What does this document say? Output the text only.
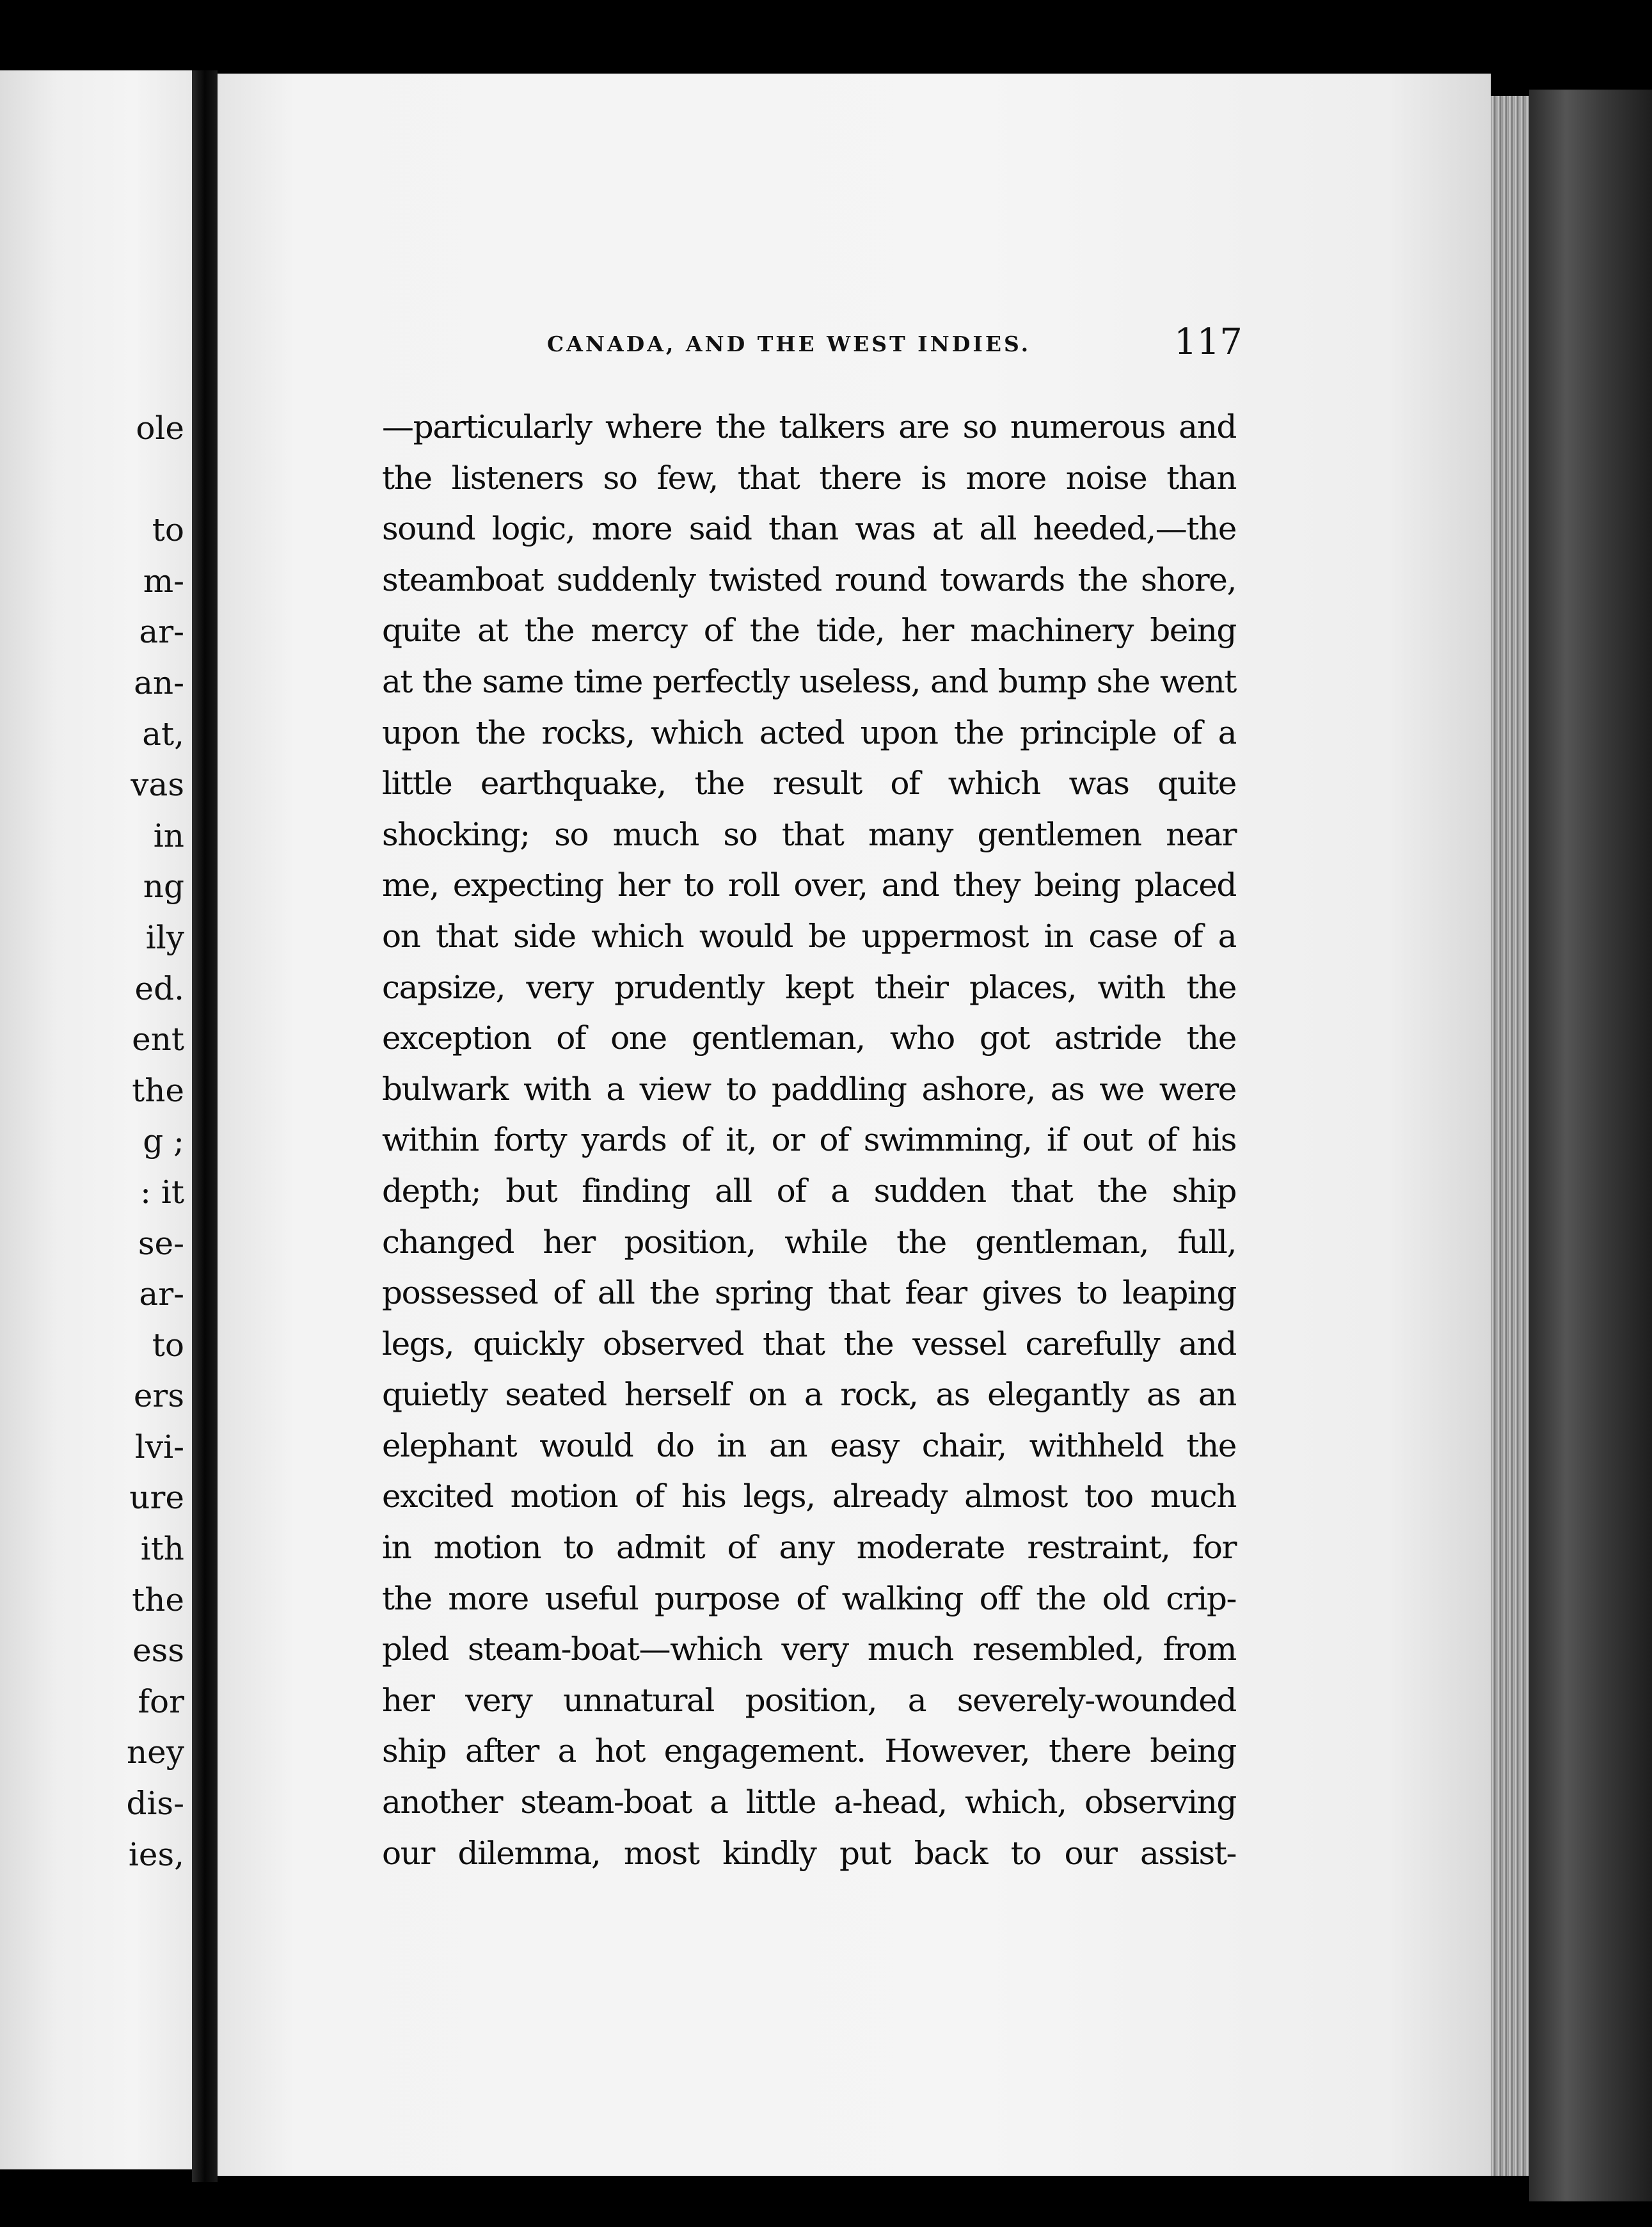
ole
to
m-
ar-
an-
at,
vas
in
ng
ily
ed.
ent
the
g ;
: it
se-
ar-
to
ers
lvi-
ure
ith
the
ess
for
ney
dis-
ies,
CANADA, AND THE WEST INDIES.	117
—particularly where the talkers are so numerous and
the listeners so few, that there is more noise than
sound logic, more said than was at all heeded,—the
steamboat suddenly twisted round towards the shore,
quite at the mercy of the tide, her machinery being
at the same time perfectly useless, and bump she went
upon the rocks, which acted upon the principle of a
little earthquake, the result of which was quite
shocking; so much so that many gentlemen near
me, expecting her to roll over, and they being placed
on that side which would be uppermost in case of a
capsize, very prudently kept their places, with the
exception of one gentleman, who got astride the
bulwark with a view to paddling ashore, as we were
within forty yards of it, or of swimming, if out of his
depth; but finding all of a sudden that the ship
changed her position, while the gentleman, full,
possessed of all the spring that fear gives to leaping
legs, quickly observed that the vessel carefully and
quietly seated herself on a rock, as elegantly as an
elephant would do in an easy chair, withheld the
excited motion of his legs, already almost too much
in motion to admit of any moderate restraint, for
the more useful purpose of walking off the old crip-
pled steam-boat—which very much resembled, from
her very unnatural position, a severely-wounded
ship after a hot engagement. However, there being
another steam-boat a little a-head, which, observing
our dilemma, most kindly put back to our assist-
